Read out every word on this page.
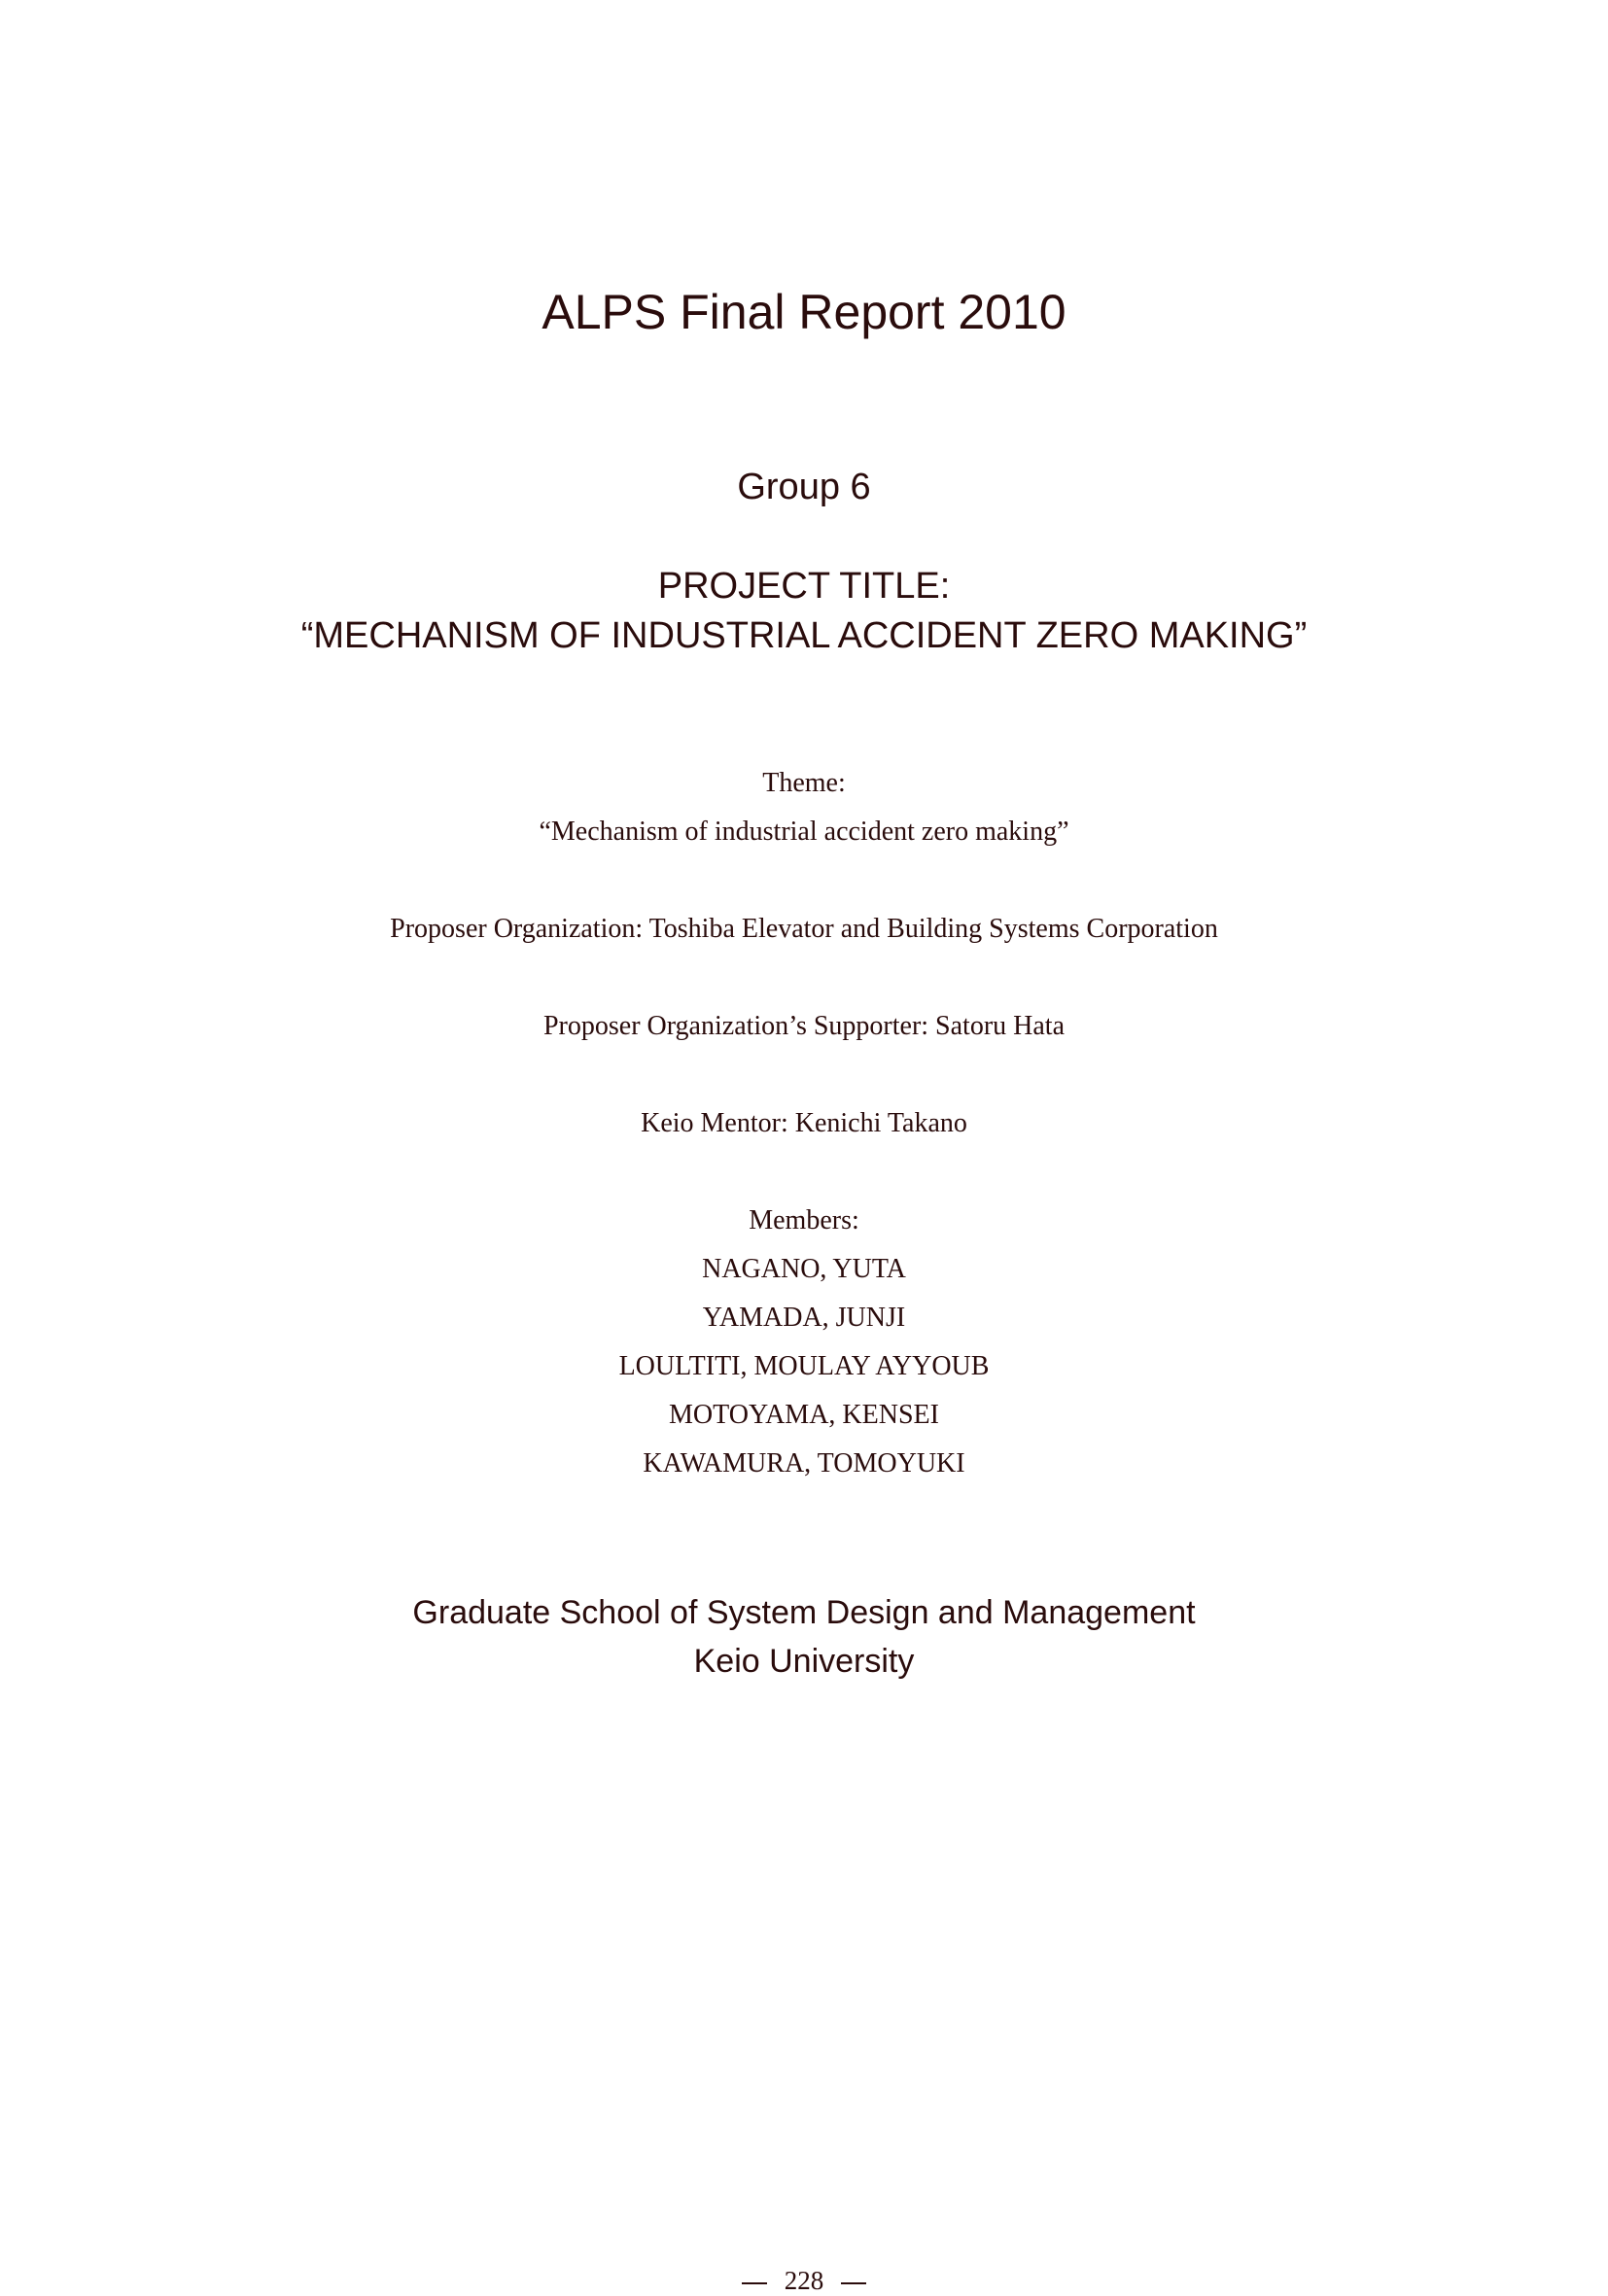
ALPS Final Report 2010
Group 6
PROJECT TITLE:
“MECHANISM OF INDUSTRIAL ACCIDENT ZERO MAKING”
Theme:
“Mechanism of industrial accident zero making”
Proposer Organization: Toshiba Elevator and Building Systems Corporation
Proposer Organization’s Supporter: Satoru Hata
Keio Mentor: Kenichi Takano
Members:
NAGANO, YUTA
YAMADA, JUNJI
LOULTITI, MOULAY AYYOUB
MOTOYAMA, KENSEI
KAWAMURA, TOMOYUKI
Graduate School of System Design and Management
Keio University
228
